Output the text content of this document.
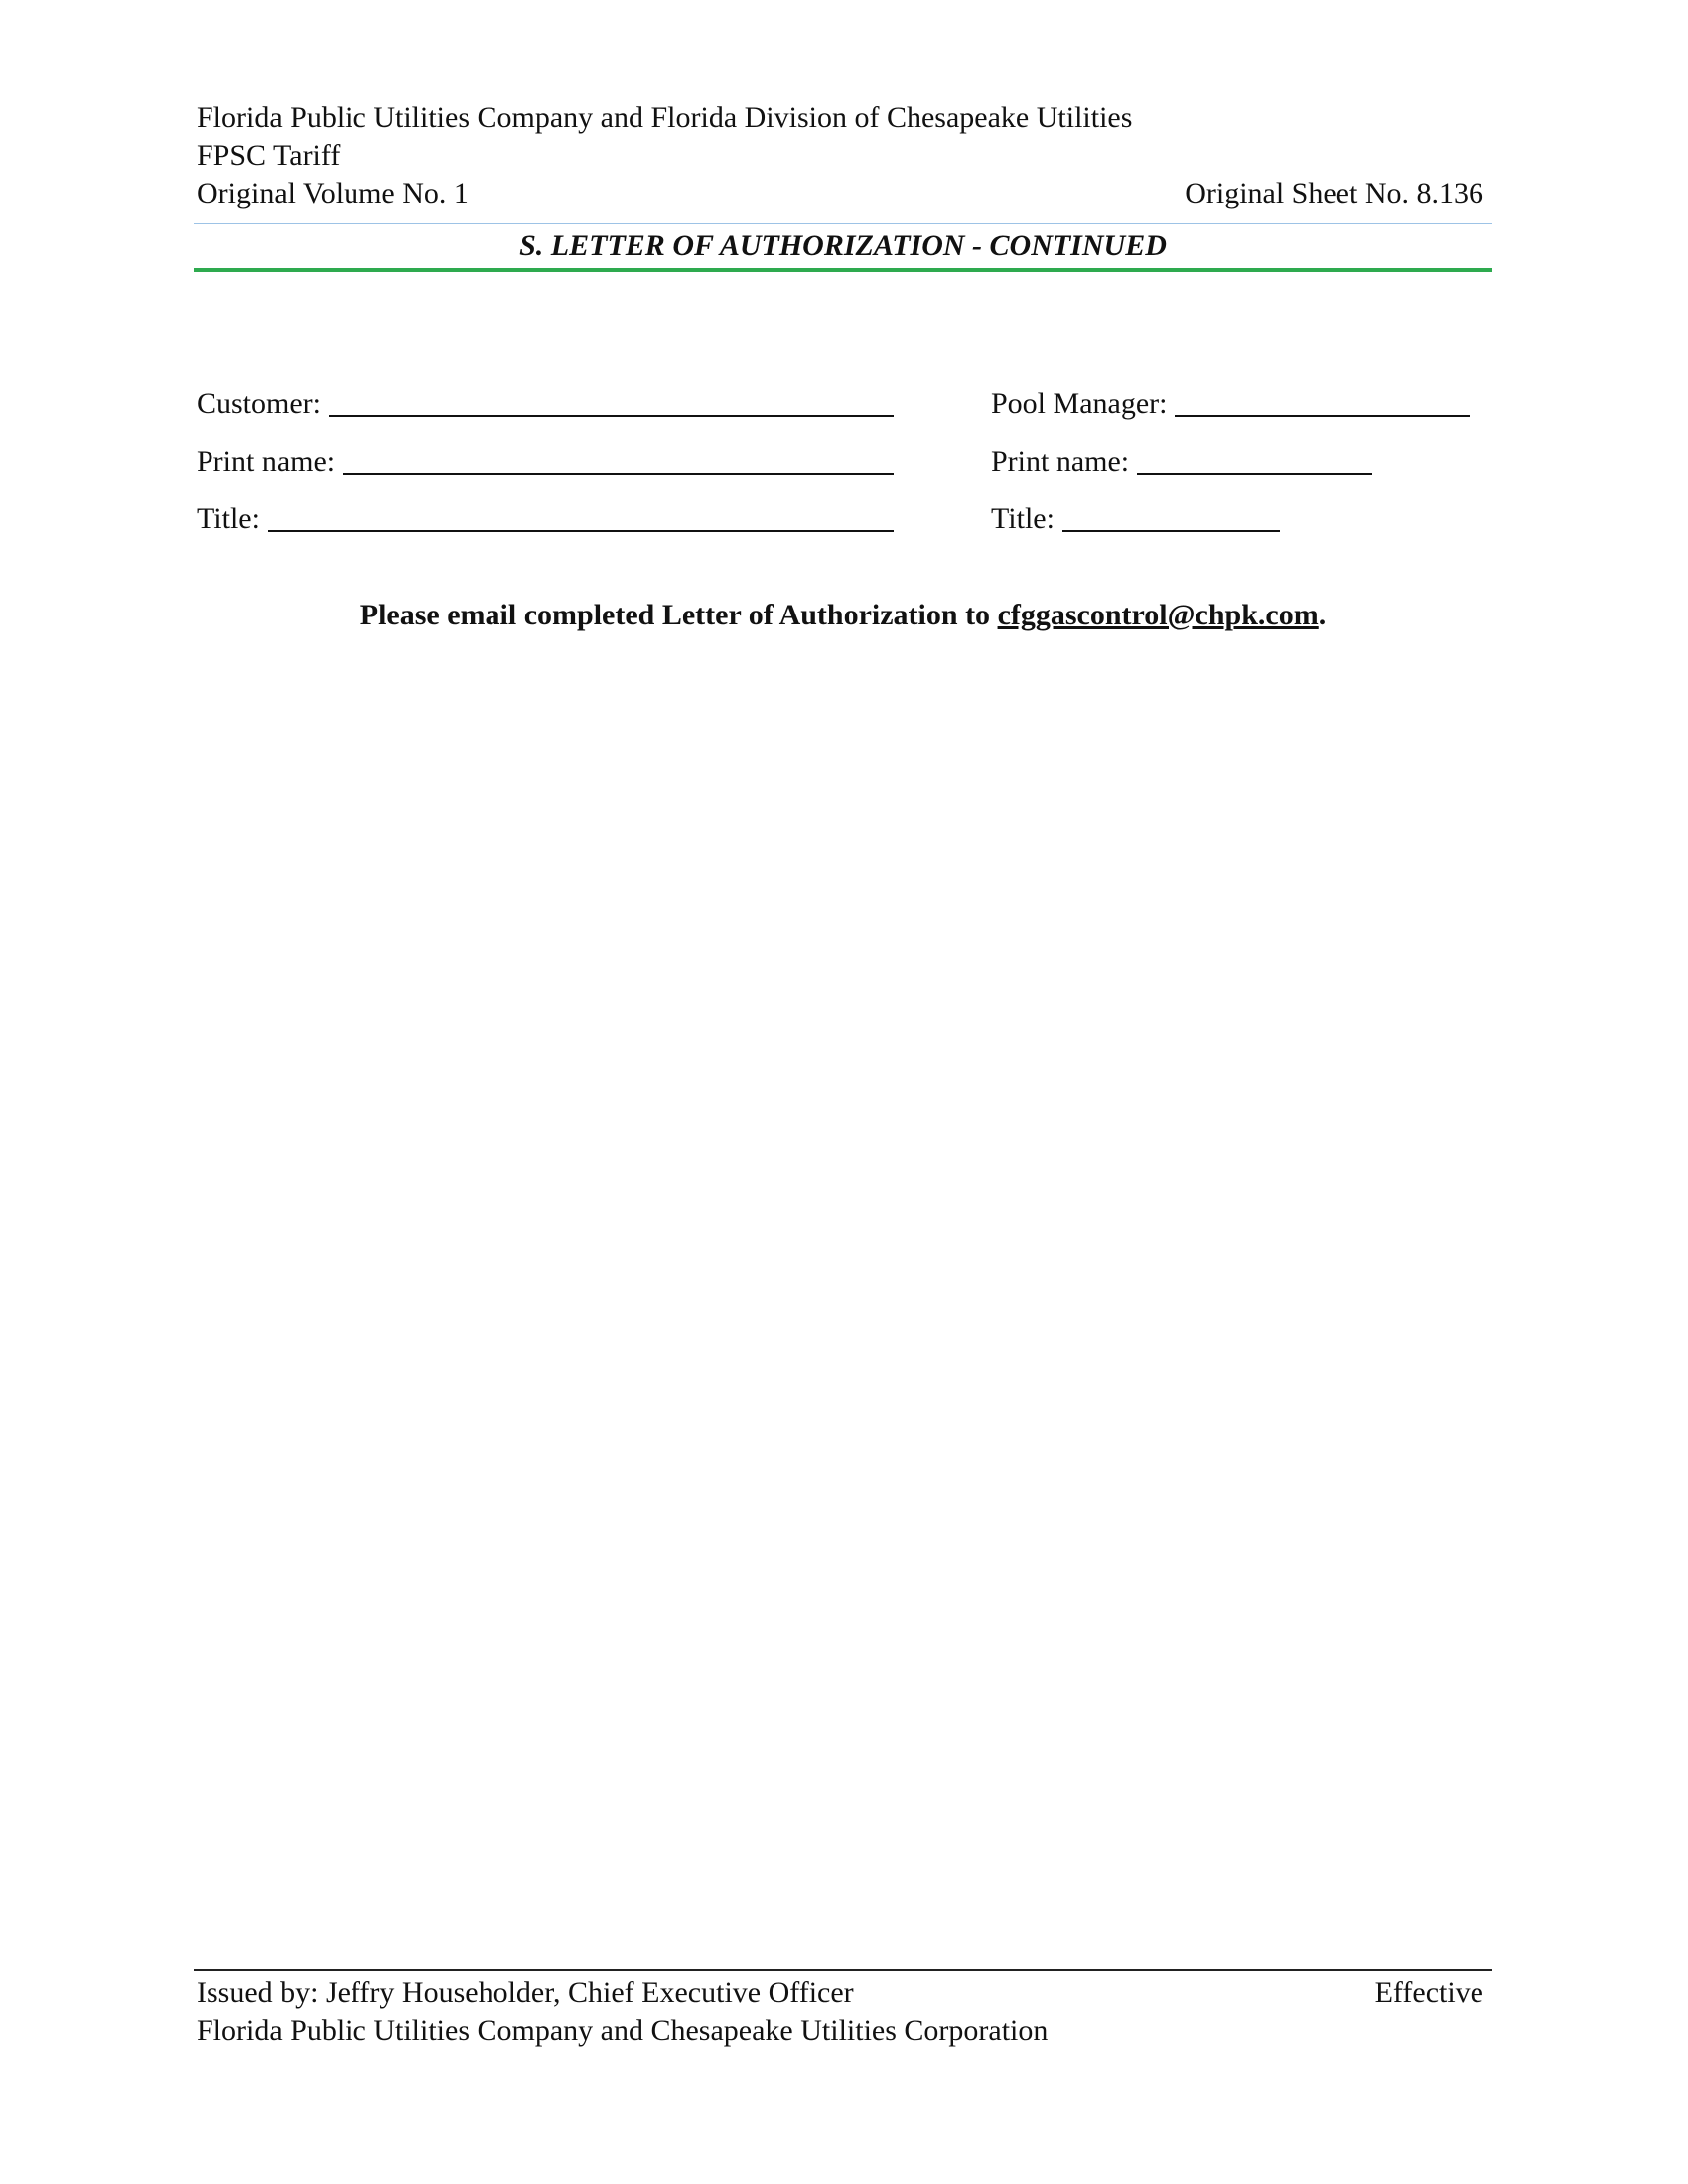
Florida Public Utilities Company and Florida Division of Chesapeake Utilities
FPSC Tariff
Original Volume No. 1	Original Sheet No. 8.136
S. LETTER OF AUTHORIZATION - CONTINUED
Customer:
Print name:
Title:
Pool Manager:
Print name:
Title:
Please email completed Letter of Authorization to cfggascontrol@chpk.com.
Issued by: Jeffry Householder, Chief Executive Officer	Effective
Florida Public Utilities Company and Chesapeake Utilities Corporation
